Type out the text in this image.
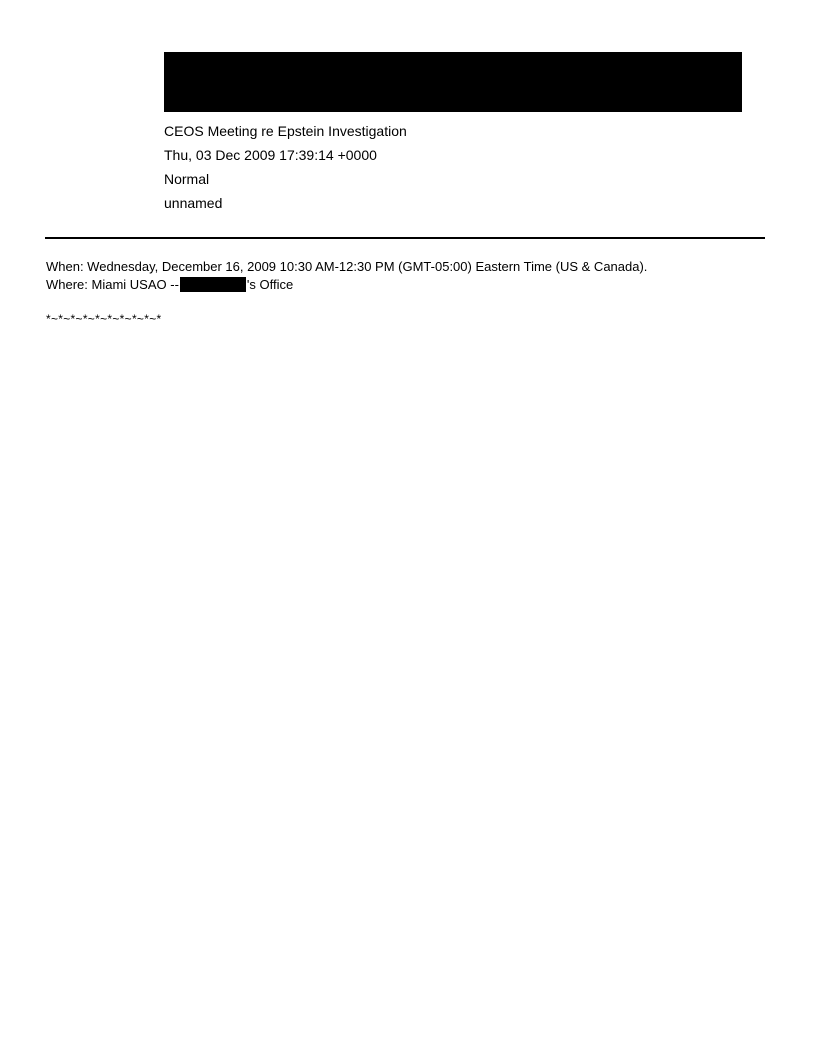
CEOS Meeting re Epstein Investigation
Thu, 03 Dec 2009 17:39:14 +0000
Normal
unnamed
When: Wednesday, December 16, 2009 10:30 AM-12:30 PM (GMT-05:00) Eastern Time (US & Canada).
Where: Miami USAO --	's Office
*~*~*~*~*~*~*~*~*~*
